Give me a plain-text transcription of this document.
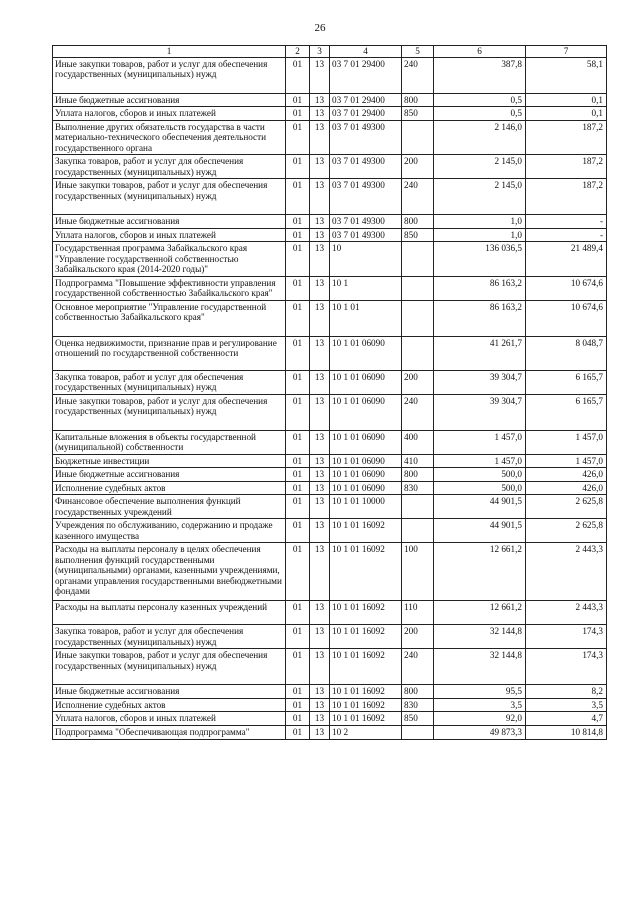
26
1	2	3	4	5	6	7
Иные закупки товаров, работ и услуг для обеспечения государственных (муниципальных) нужд	01	13	03 7 01 29400	240	387,8	58,1
Иные бюджетные ассигнования	01	13	03 7 01 29400	800	0,5	0,1
Уплата налогов, сборов и иных платежей	01	13	03 7 01 29400	850	0,5	0,1
Выполнение других обязательств государства в части материально-технического обеспечения деятельности государственного органа	01	13	03 7 01 49300		2 146,0	187,2
Закупка товаров, работ и услуг для обеспечения государственных (муниципальных) нужд	01	13	03 7 01 49300	200	2 145,0	187,2
Иные закупки товаров, работ и услуг для обеспечения государственных (муниципальных) нужд	01	13	03 7 01 49300	240	2 145,0	187,2
Иные бюджетные ассигнования	01	13	03 7 01 49300	800	1,0	-
Уплата налогов, сборов и иных платежей	01	13	03 7 01 49300	850	1,0	-
Государственная программа Забайкальского края "Управление государственной собственностью Забайкальского края (2014-2020 годы)"	01	13	10		136 036,5	21 489,4
Подпрограмма "Повышение эффективности управления государственной собственностью Забайкальского края"	01	13	10 1		86 163,2	10 674,6
Основное мероприятие "Управление государственной собственностью Забайкальского края"	01	13	10 1 01		86 163,2	10 674,6
Оценка недвижимости, признание прав и регулирование отношений по государственной собственности	01	13	10 1 01 06090		41 261,7	8 048,7
Закупка товаров, работ и услуг для обеспечения государственных (муниципальных) нужд	01	13	10 1 01 06090	200	39 304,7	6 165,7
Иные закупки товаров, работ и услуг для обеспечения государственных (муниципальных) нужд	01	13	10 1 01 06090	240	39 304,7	6 165,7
Капитальные вложения в объекты государственной (муниципальной) собственности	01	13	10 1 01 06090	400	1 457,0	1 457,0
Бюджетные инвестиции	01	13	10 1 01 06090	410	1 457,0	1 457,0
Иные бюджетные ассигнования	01	13	10 1 01 06090	800	500,0	426,0
Исполнение судебных актов	01	13	10 1 01 06090	830	500,0	426,0
Финансовое обеспечение выполнения функций государственных учреждений	01	13	10 1 01 10000		44 901,5	2 625,8
Учреждения по обслуживанию, содержанию и продаже казенного имущества	01	13	10 1 01 16092		44 901,5	2 625,8
Расходы на выплаты персоналу в целях обеспечения выполнения функций государственными (муниципальными) органами, казенными учреждениями, органами управления государственными внебюджетными фондами	01	13	10 1 01 16092	100	12 661,2	2 443,3
Расходы на выплаты персоналу казенных учреждений	01	13	10 1 01 16092	110	12 661,2	2 443,3
Закупка товаров, работ и услуг для обеспечения государственных (муниципальных) нужд	01	13	10 1 01 16092	200	32 144,8	174,3
Иные закупки товаров, работ и услуг для обеспечения государственных (муниципальных) нужд	01	13	10 1 01 16092	240	32 144,8	174,3
Иные бюджетные ассигнования	01	13	10 1 01 16092	800	95,5	8,2
Исполнение судебных актов	01	13	10 1 01 16092	830	3,5	3,5
Уплата налогов, сборов и иных платежей	01	13	10 1 01 16092	850	92,0	4,7
Подпрограмма "Обеспечивающая подпрограмма"	01	13	10 2		49 873,3	10 814,8
